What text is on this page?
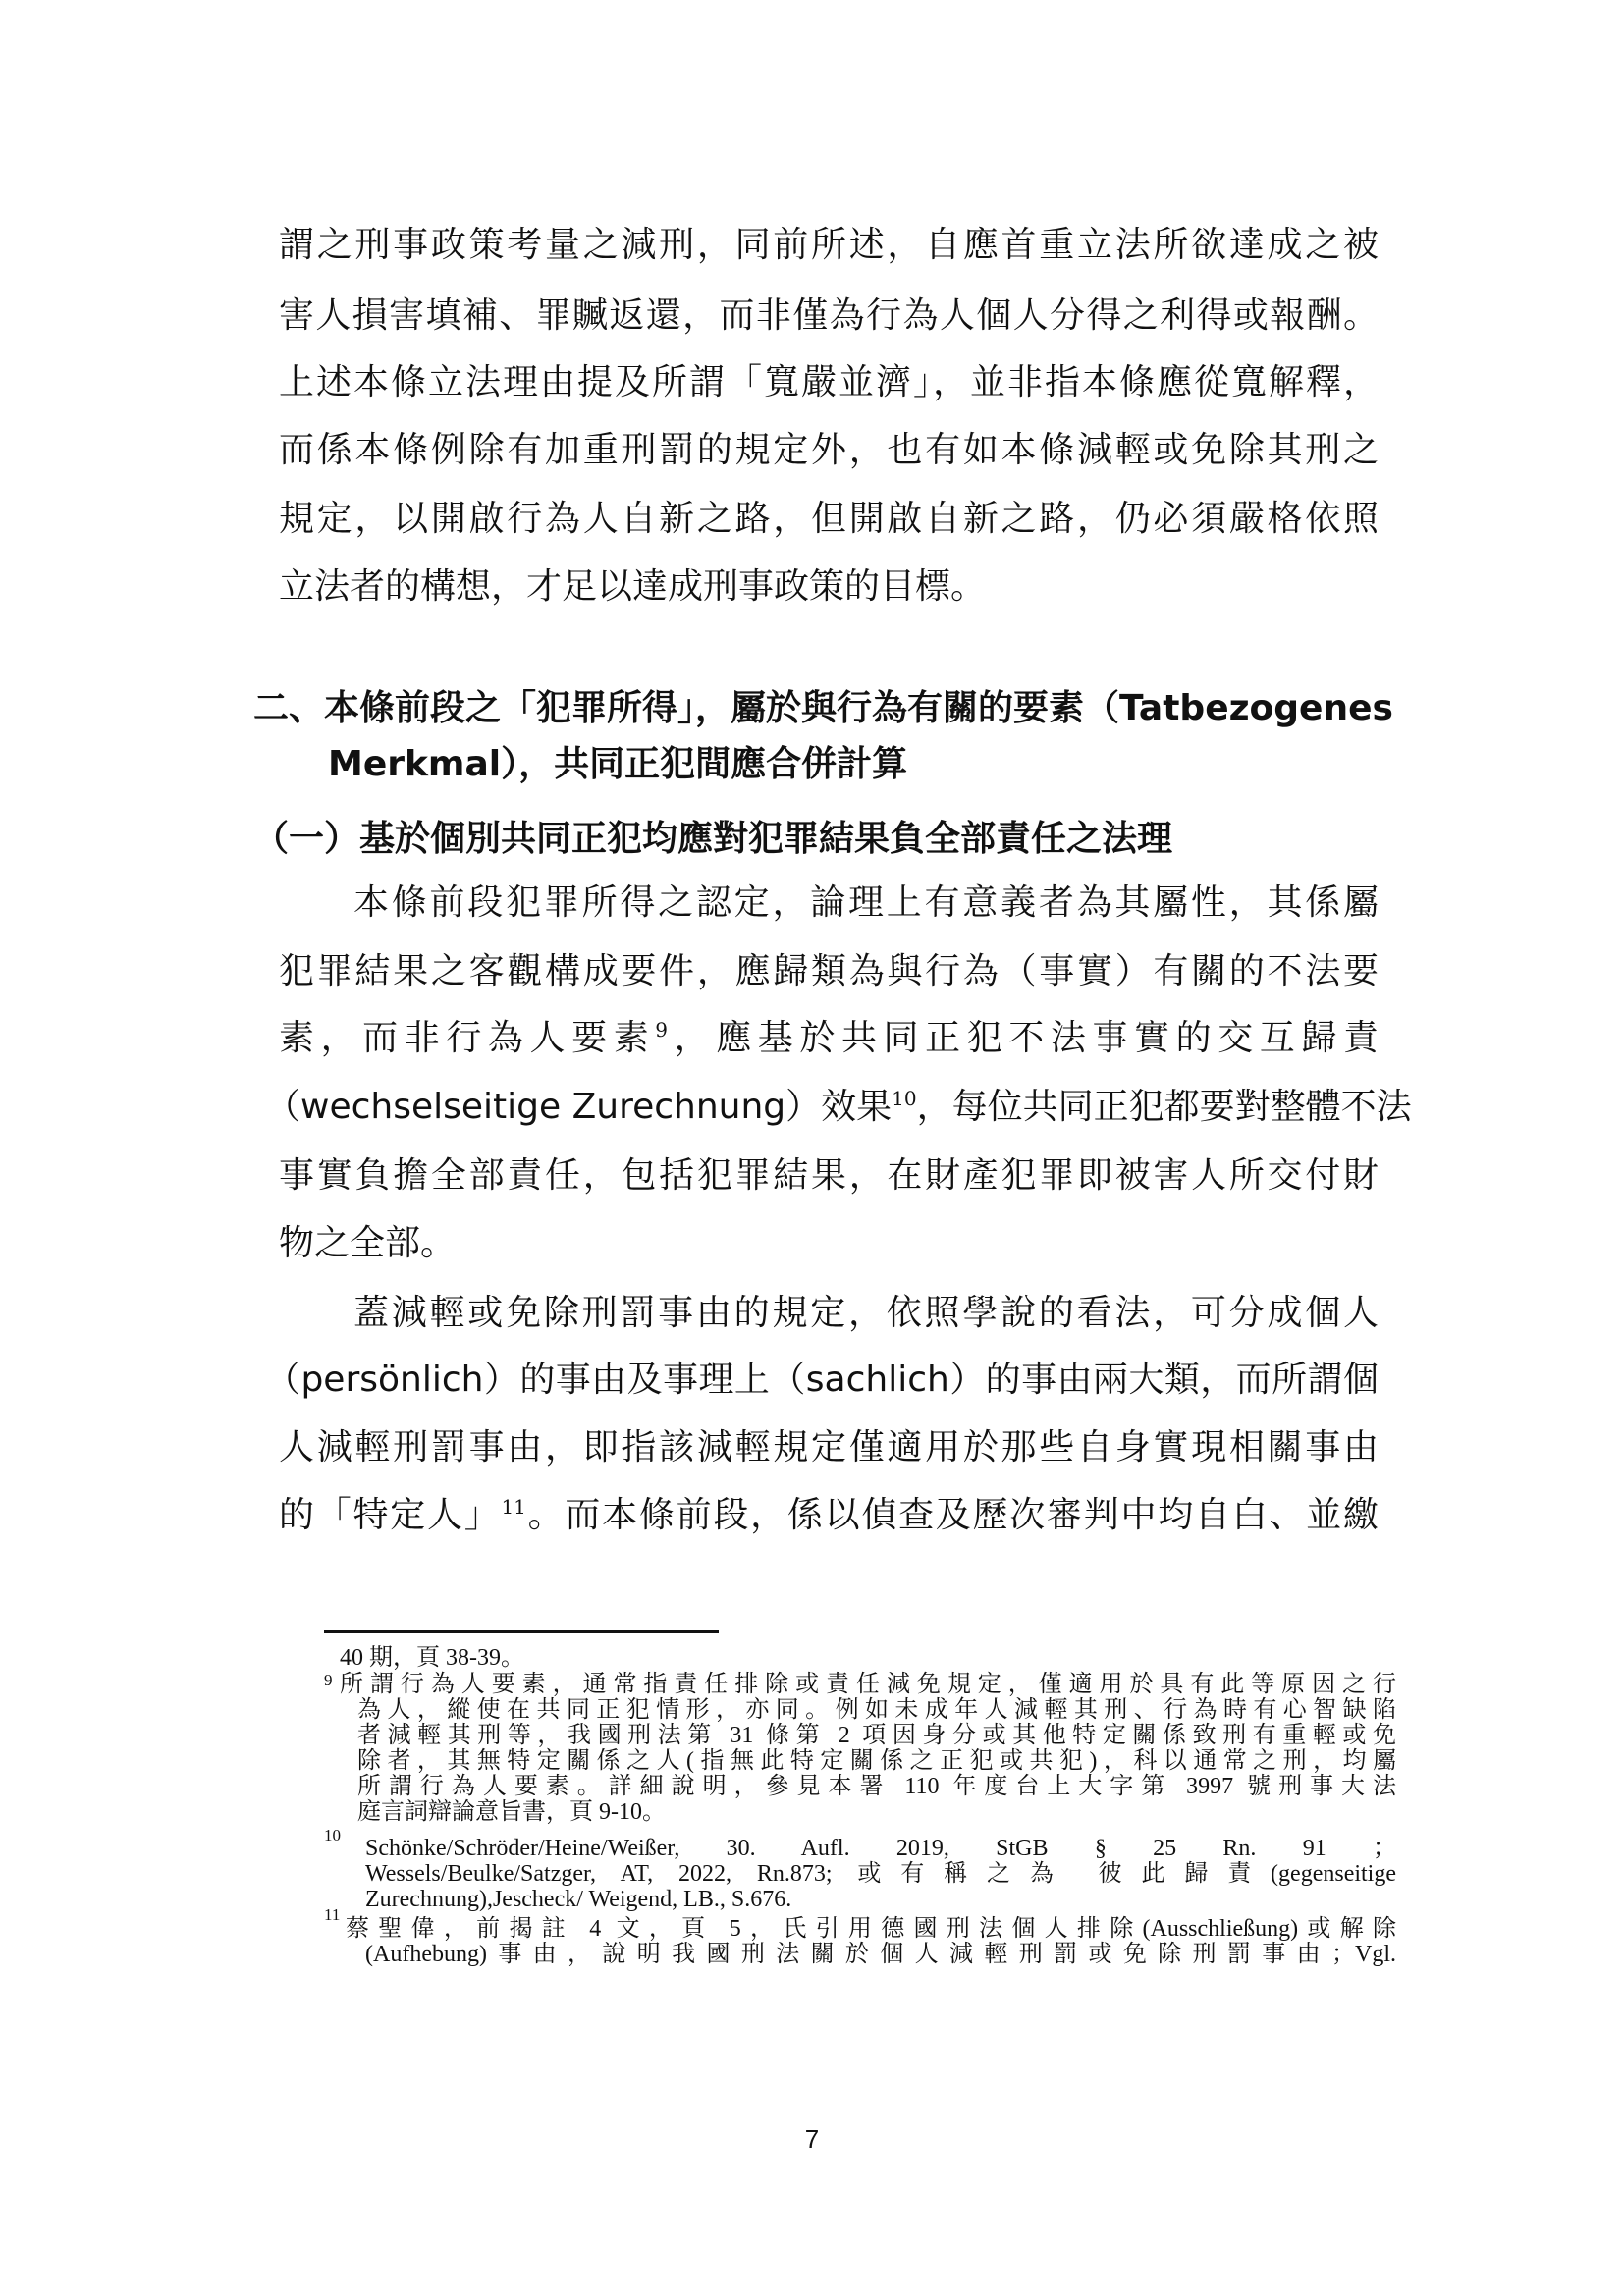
謂之刑事政策考量之減刑，同前所述，自應首重立法所欲達成之被
害人損害填補、罪贓返還，而非僅為行為人個人分得之利得或報酬。
上述本條立法理由提及所謂「寬嚴並濟」，並非指本條應從寬解釋，
而係本條例除有加重刑罰的規定外，也有如本條減輕或免除其刑之
規定，以開啟行為人自新之路，但開啟自新之路，仍必須嚴格依照
立法者的構想，才足以達成刑事政策的目標。
二、本條前段之「犯罪所得」，屬於與行為有關的要素（Tatbezogenes
Merkmal），共同正犯間應合併計算
（一）基於個別共同正犯均應對犯罪結果負全部責任之法理
本條前段犯罪所得之認定，論理上有意義者為其屬性，其係屬
犯罪結果之客觀構成要件，應歸類為與行為（事實）有關的不法要
素，而非行為人要素$^9$，應基於共同正犯不法事實的交互歸責
（wechselseitige Zurechnung）效果$^{10}$，每位共同正犯都要對整體不法
事實負擔全部責任，包括犯罪結果，在財產犯罪即被害人所交付財
物之全部。
蓋減輕或免除刑罰事由的規定，依照學說的看法，可分成個人
（persönlich）的事由及事理上（sachlich）的事由兩大類，而所謂個
人減輕刑罰事由，即指該減輕規定僅適用於那些自身實現相關事由
的「特定人」$^{11}$。而本條前段，係以偵查及歷次審判中均自白、並繳
40 期，頁 38-39。
9 所謂行為人要素，通常指責任排除或責任減免規定，僅適用於具有此等原因之行
為人，縱使在共同正犯情形，亦同。例如未成年人減輕其刑、行為時有心智缺陷
者減輕其刑等，我國刑法第 31 條第 2 項因身分或其他特定關係致刑有重輕或免
除者，其無特定關係之人(指無此特定關係之正犯或共犯)，科以通常之刑，均屬
所謂行為人要素。詳細說明，參見本署 110 年度台上大字第 3997 號刑事大法
庭言詞辯論意旨書，頁 9-10。
10
Schönke/Schröder/Heine/Weißer, 30. Aufl. 2019, StGB § 25 Rn. 91 ；
Wessels/Beulke/Satzger, AT, 2022, Rn.873; 或有稱之為 彼此歸責(gegenseitige
Zurechnung),Jescheck/ Weigend, LB., S.676.
11
蔡聖偉，前揭註 4 文，頁 5，氏引用德國刑法個人排除(Ausschließung)或解除
(Aufhebung)事由，說明我國刑法關於個人減輕刑罰或免除刑罰事由；Vgl.
7
